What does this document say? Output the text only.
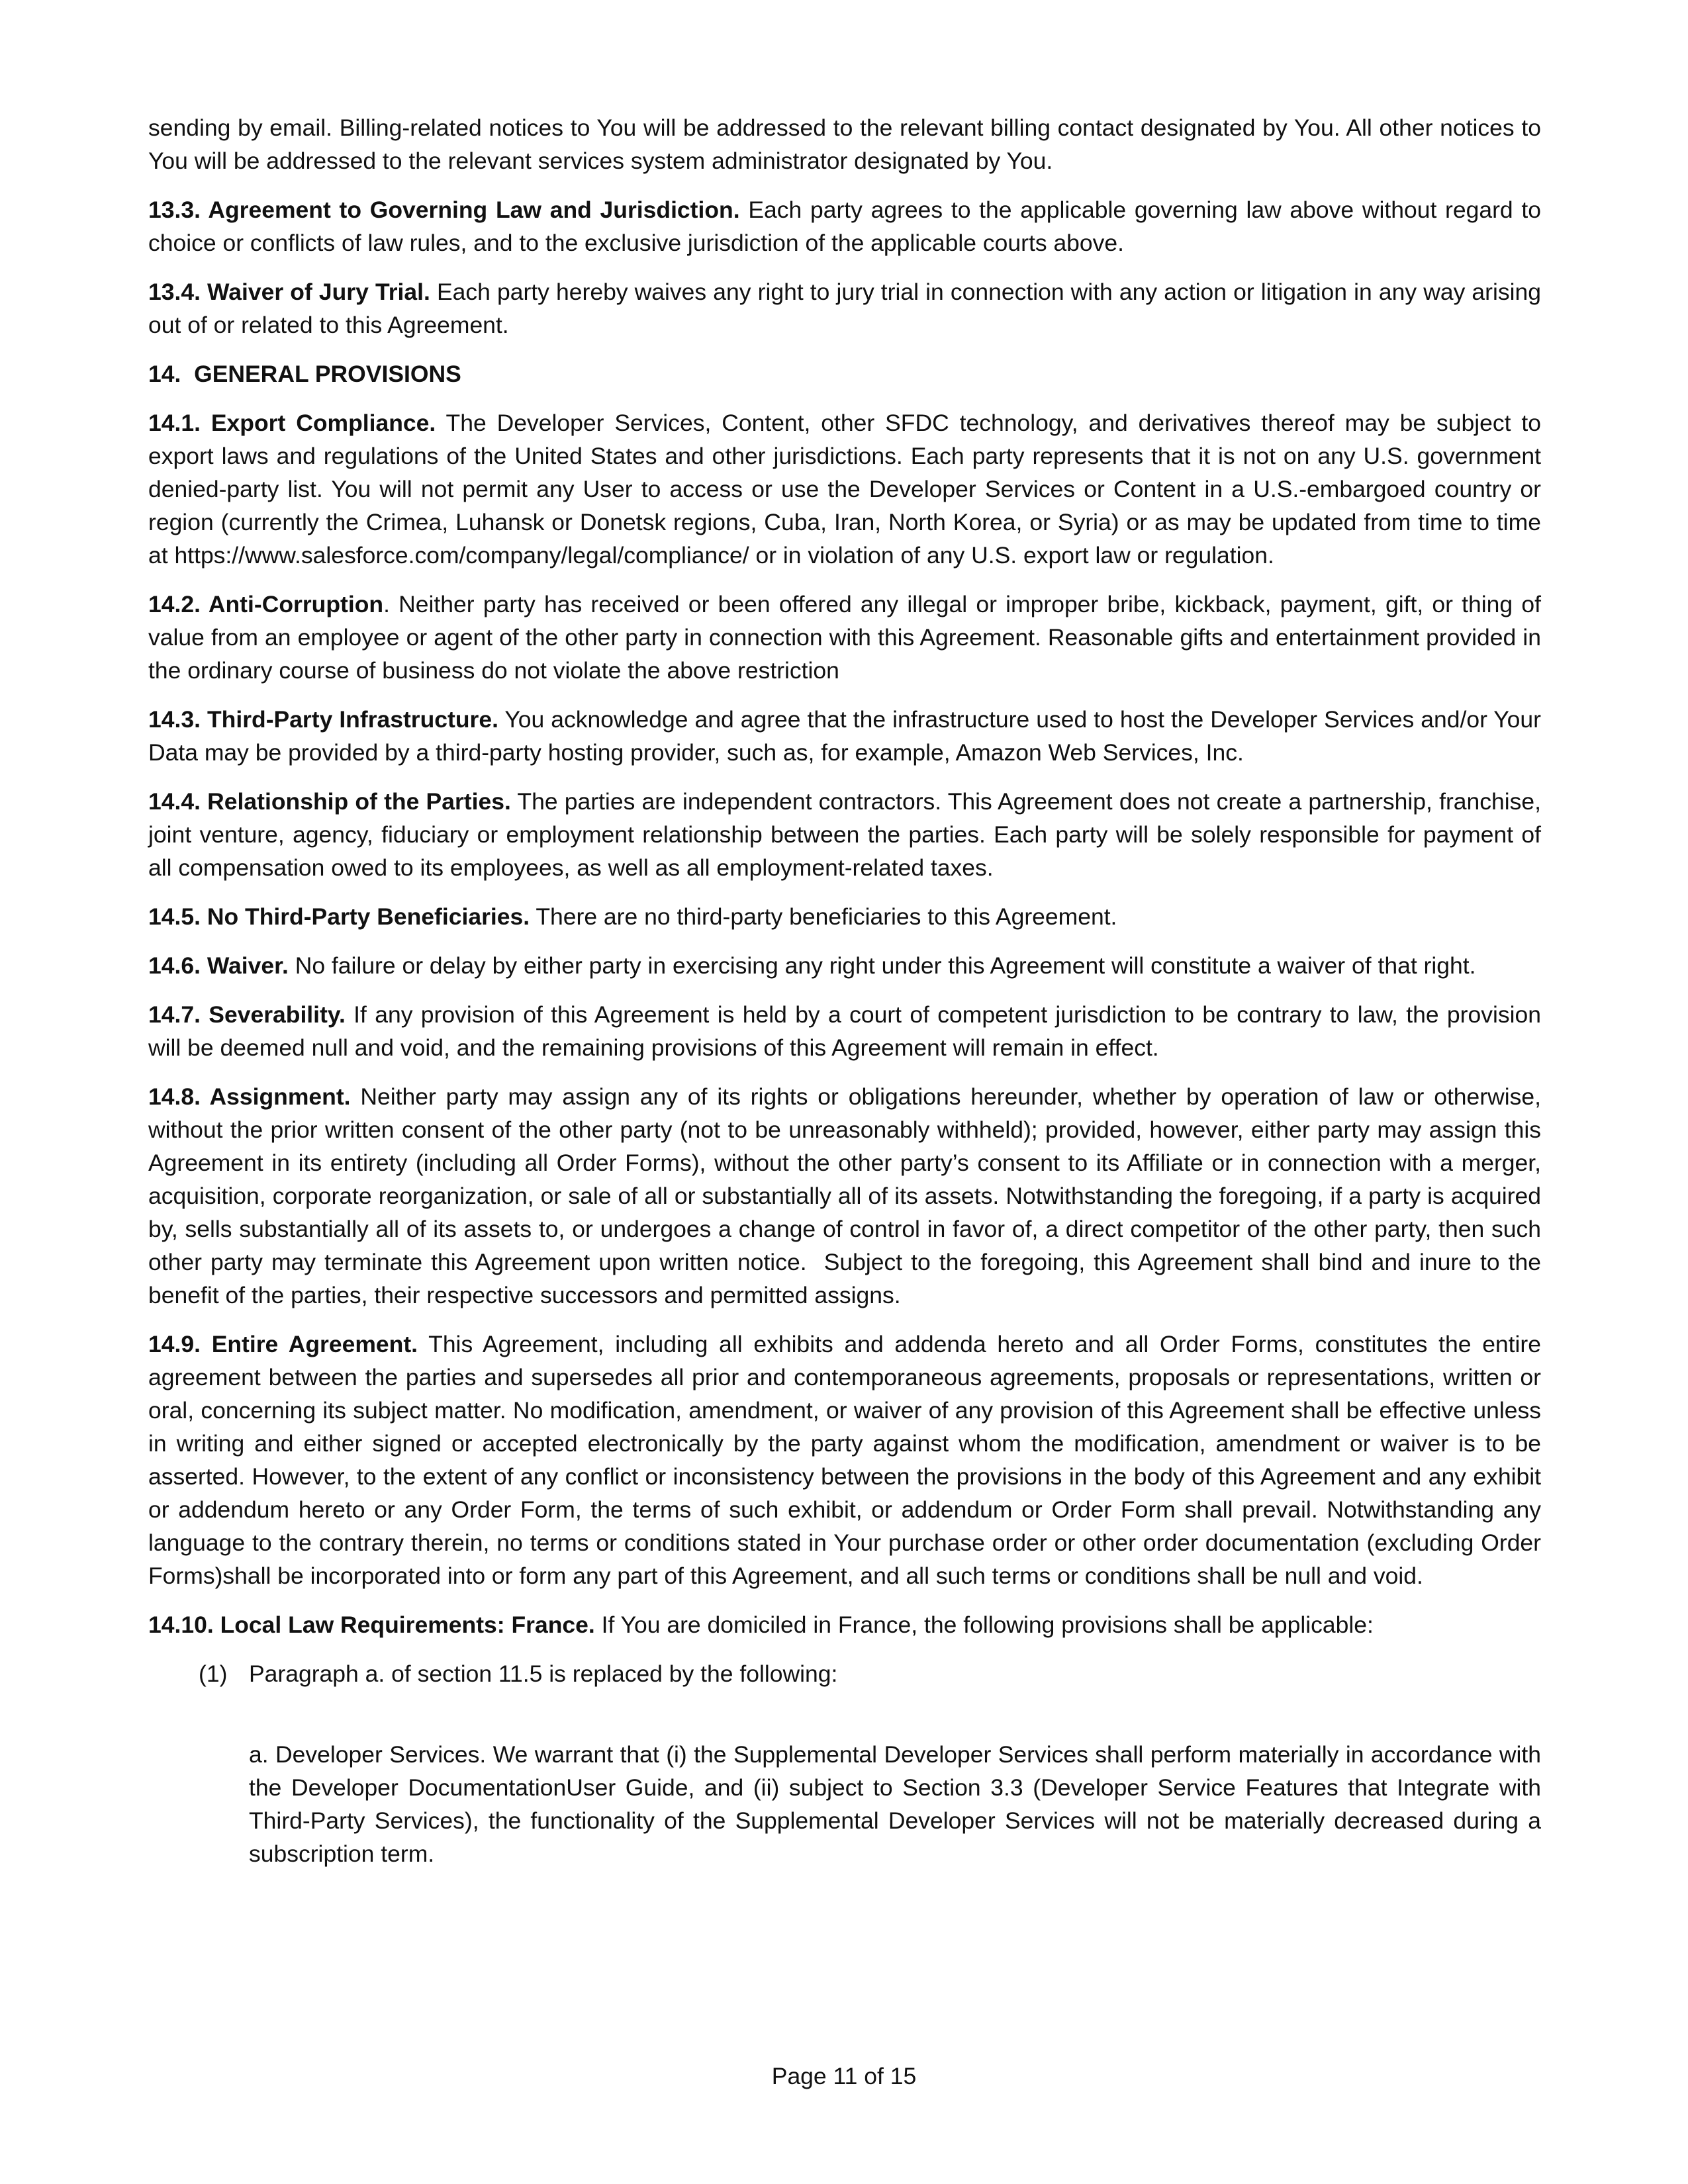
sending by email. Billing-related notices to You will be addressed to the relevant billing contact designated by You. All other notices to You will be addressed to the relevant services system administrator designated by You.

13.3. Agreement to Governing Law and Jurisdiction. Each party agrees to the applicable governing law above without regard to choice or conflicts of law rules, and to the exclusive jurisdiction of the applicable courts above.

13.4. Waiver of Jury Trial. Each party hereby waives any right to jury trial in connection with any action or litigation in any way arising out of or related to this Agreement.

14.  GENERAL PROVISIONS

14.1. Export Compliance. The Developer Services, Content, other SFDC technology, and derivatives thereof may be subject to export laws and regulations of the United States and other jurisdictions. Each party represents that it is not on any U.S. government denied-party list. You will not permit any User to access or use the Developer Services or Content in a U.S.-embargoed country or region (currently the Crimea, Luhansk or Donetsk regions, Cuba, Iran, North Korea, or Syria) or as may be updated from time to time at https://www.salesforce.com/company/legal/compliance/ or in violation of any U.S. export law or regulation.

14.2. Anti-Corruption. Neither party has received or been offered any illegal or improper bribe, kickback, payment, gift, or thing of value from an employee or agent of the other party in connection with this Agreement. Reasonable gifts and entertainment provided in the ordinary course of business do not violate the above restriction

14.3. Third-Party Infrastructure. You acknowledge and agree that the infrastructure used to host the Developer Services and/or Your Data may be provided by a third-party hosting provider, such as, for example, Amazon Web Services, Inc.

14.4. Relationship of the Parties. The parties are independent contractors. This Agreement does not create a partnership, franchise, joint venture, agency, fiduciary or employment relationship between the parties. Each party will be solely responsible for payment of all compensation owed to its employees, as well as all employment-related taxes.

14.5. No Third-Party Beneficiaries. There are no third-party beneficiaries to this Agreement.

14.6. Waiver. No failure or delay by either party in exercising any right under this Agreement will constitute a waiver of that right.

14.7. Severability. If any provision of this Agreement is held by a court of competent jurisdiction to be contrary to law, the provision will be deemed null and void, and the remaining provisions of this Agreement will remain in effect.

14.8. Assignment. Neither party may assign any of its rights or obligations hereunder, whether by operation of law or otherwise, without the prior written consent of the other party (not to be unreasonably withheld); provided, however, either party may assign this Agreement in its entirety (including all Order Forms), without the other party’s consent to its Affiliate or in connection with a merger, acquisition, corporate reorganization, or sale of all or substantially all of its assets. Notwithstanding the foregoing, if a party is acquired by, sells substantially all of its assets to, or undergoes a change of control in favor of, a direct competitor of the other party, then such other party may terminate this Agreement upon written notice.  Subject to the foregoing, this Agreement shall bind and inure to the benefit of the parties, their respective successors and permitted assigns.

14.9. Entire Agreement. This Agreement, including all exhibits and addenda hereto and all Order Forms, constitutes the entire agreement between the parties and supersedes all prior and contemporaneous agreements, proposals or representations, written or oral, concerning its subject matter. No modification, amendment, or waiver of any provision of this Agreement shall be effective unless in writing and either signed or accepted electronically by the party against whom the modification, amendment or waiver is to be asserted. However, to the extent of any conflict or inconsistency between the provisions in the body of this Agreement and any exhibit or addendum hereto or any Order Form, the terms of such exhibit, or addendum or Order Form shall prevail. Notwithstanding any language to the contrary therein, no terms or conditions stated in Your purchase order or other order documentation (excluding Order Forms)shall be incorporated into or form any part of this Agreement, and all such terms or conditions shall be null and void.

14.10. Local Law Requirements: France. If You are domiciled in France, the following provisions shall be applicable:

(1) Paragraph a. of section 11.5 is replaced by the following:

a. Developer Services. We warrant that (i) the Supplemental Developer Services shall perform materially in accordance with the Developer DocumentationUser Guide, and (ii) subject to Section 3.3 (Developer Service Features that Integrate with Third-Party Services), the functionality of the Supplemental Developer Services will not be materially decreased during a subscription term.

Page 11 of 15
